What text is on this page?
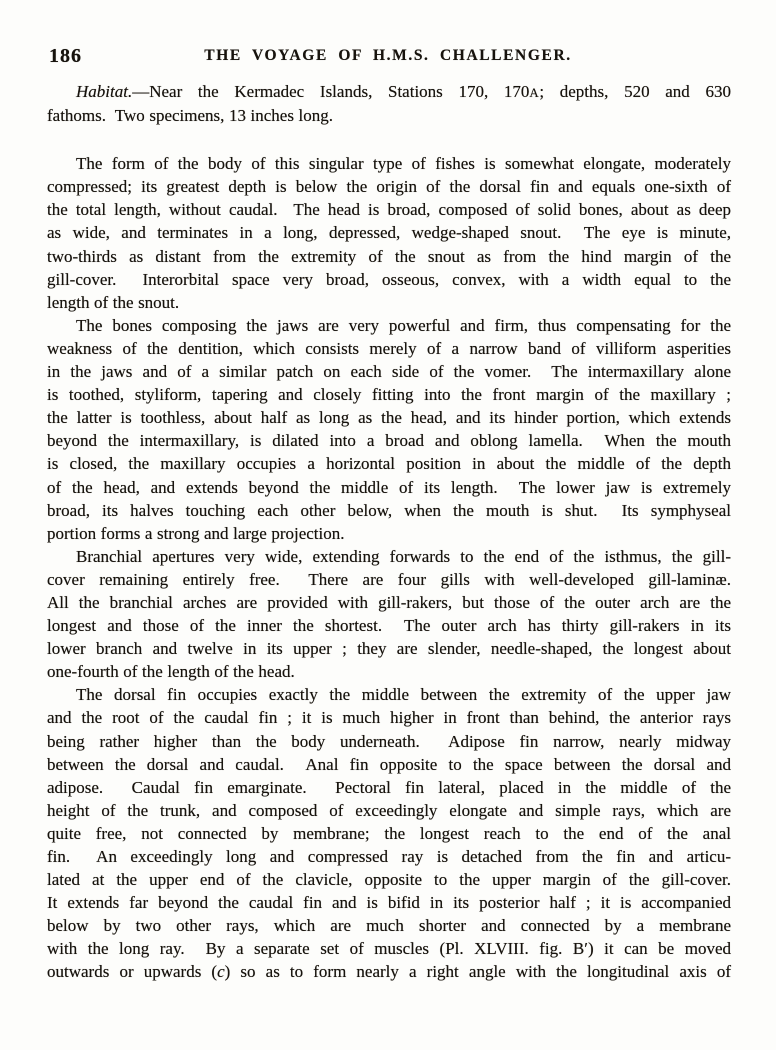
186	THE VOYAGE OF H.M.S. CHALLENGER.
Habitat.—Near the Kermadec Islands, Stations 170, 170A; depths, 520 and 630
fathoms.  Two specimens, 13 inches long.
The form of the body of this singular type of fishes is somewhat elongate, moderately
compressed; its greatest depth is below the origin of the dorsal fin and equals one-sixth of
the total length, without caudal.  The head is broad, composed of solid bones, about as deep
as wide, and terminates in a long, depressed, wedge-shaped snout.  The eye is minute,
two-thirds as distant from the extremity of the snout as from the hind margin of the
gill-cover.  Interorbital space very broad, osseous, convex, with a width equal to the
length of the snout.
The bones composing the jaws are very powerful and firm, thus compensating for the
weakness of the dentition, which consists merely of a narrow band of villiform asperities
in the jaws and of a similar patch on each side of the vomer.  The intermaxillary alone
is toothed, styliform, tapering and closely fitting into the front margin of the maxillary ;
the latter is toothless, about half as long as the head, and its hinder portion, which extends
beyond the intermaxillary, is dilated into a broad and oblong lamella.  When the mouth
is closed, the maxillary occupies a horizontal position in about the middle of the depth
of the head, and extends beyond the middle of its length.  The lower jaw is extremely
broad, its halves touching each other below, when the mouth is shut.  Its symphyseal
portion forms a strong and large projection.
Branchial apertures very wide, extending forwards to the end of the isthmus, the gill-
cover remaining entirely free.  There are four gills with well-developed gill-laminæ.
All the branchial arches are provided with gill-rakers, but those of the outer arch are the
longest and those of the inner the shortest.  The outer arch has thirty gill-rakers in its
lower branch and twelve in its upper ; they are slender, needle-shaped, the longest about
one-fourth of the length of the head.
The dorsal fin occupies exactly the middle between the extremity of the upper jaw
and the root of the caudal fin ; it is much higher in front than behind, the anterior rays
being rather higher than the body underneath.  Adipose fin narrow, nearly midway
between the dorsal and caudal.  Anal fin opposite to the space between the dorsal and
adipose.  Caudal fin emarginate.  Pectoral fin lateral, placed in the middle of the
height of the trunk, and composed of exceedingly elongate and simple rays, which are
quite free, not connected by membrane; the longest reach to the end of the anal
fin.  An exceedingly long and compressed ray is detached from the fin and articu-
lated at the upper end of the clavicle, opposite to the upper margin of the gill-cover.
It extends far beyond the caudal fin and is bifid in its posterior half ; it is accompanied
below by two other rays, which are much shorter and connected by a membrane
with the long ray.  By a separate set of muscles (Pl. XLVIII. fig. B′) it can be moved
outwards or upwards (c) so as to form nearly a right angle with the longitudinal axis of
